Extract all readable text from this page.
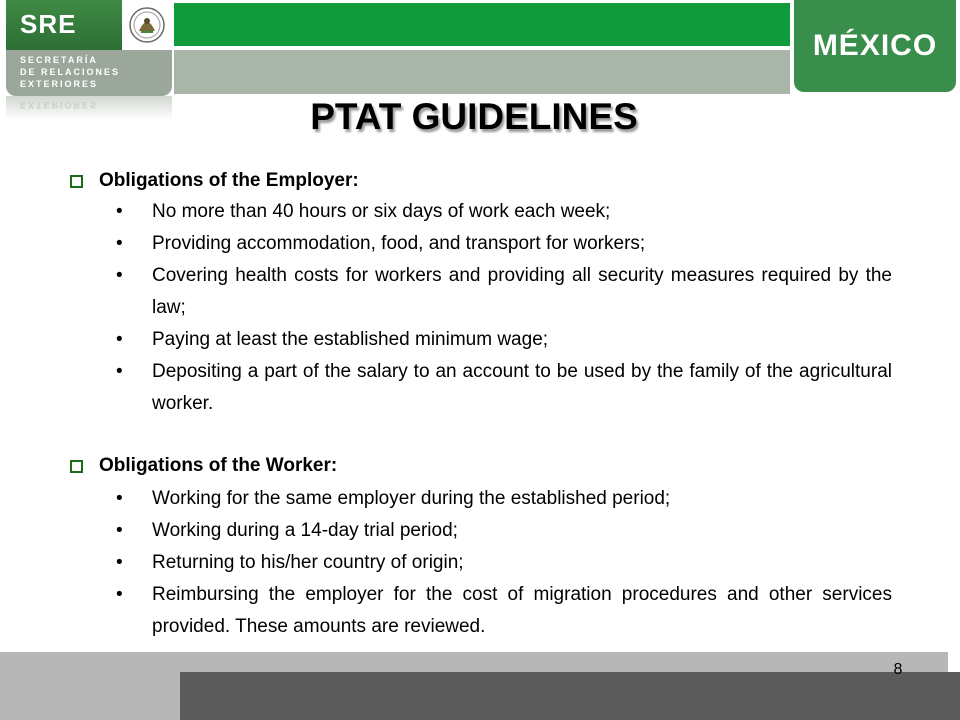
SRE
SECRETARÍA
DE RELACIONES
EXTERIORES
EXTERIORES
MÉXICO
PTAT GUIDELINES
Obligations of the Employer:
• No more than 40 hours or six days of work each week;
• Providing accommodation, food, and transport for workers;
• Covering health costs for workers and providing all security measures required by the law;
• Paying at least the established minimum wage;
• Depositing a part of the salary to an account to be used by the family of the agricultural worker.
Obligations of the Worker:
• Working for the same employer during the established period;
• Working during a 14-day trial period;
• Returning to his/her country of origin;
• Reimbursing the employer for the cost of migration procedures and other services provided. These amounts are reviewed.
8
